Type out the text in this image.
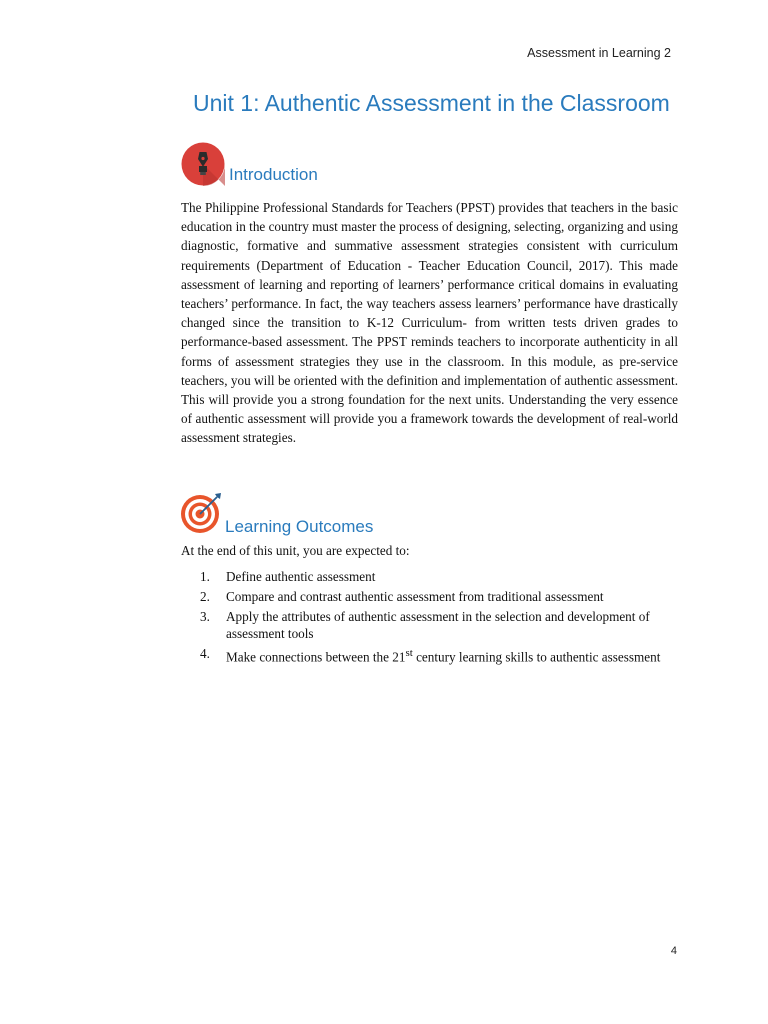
Assessment in Learning 2
Unit 1: Authentic Assessment in the Classroom
Introduction

The Philippine Professional Standards for Teachers (PPST) provides that teachers in the basic education in the country must master the process of designing, selecting, organizing and using diagnostic, formative and summative assessment strategies consistent with curriculum requirements (Department of Education - Teacher Education Council, 2017). This made assessment of learning and reporting of learners’ performance critical domains in evaluating teachers’ performance. In fact, the way teachers assess learners’ performance have drastically changed since the transition to K-12 Curriculum- from written tests driven grades to performance-based assessment. The PPST reminds teachers to incorporate authenticity in all forms of assessment strategies they use in the classroom. In this module, as pre-service teachers, you will be oriented with the definition and implementation of authentic assessment. This will provide you a strong foundation for the next units. Understanding the very essence of authentic assessment will provide you a framework towards the development of real-world assessment strategies.

Learning Outcomes
At the end of this unit, you are expected to:
1.	Define authentic assessment
2.	Compare and contrast authentic assessment from traditional assessment
3.	Apply the attributes of authentic assessment in the selection and development of assessment tools
4.	Make connections between the 21st century learning skills to authentic assessment
4
